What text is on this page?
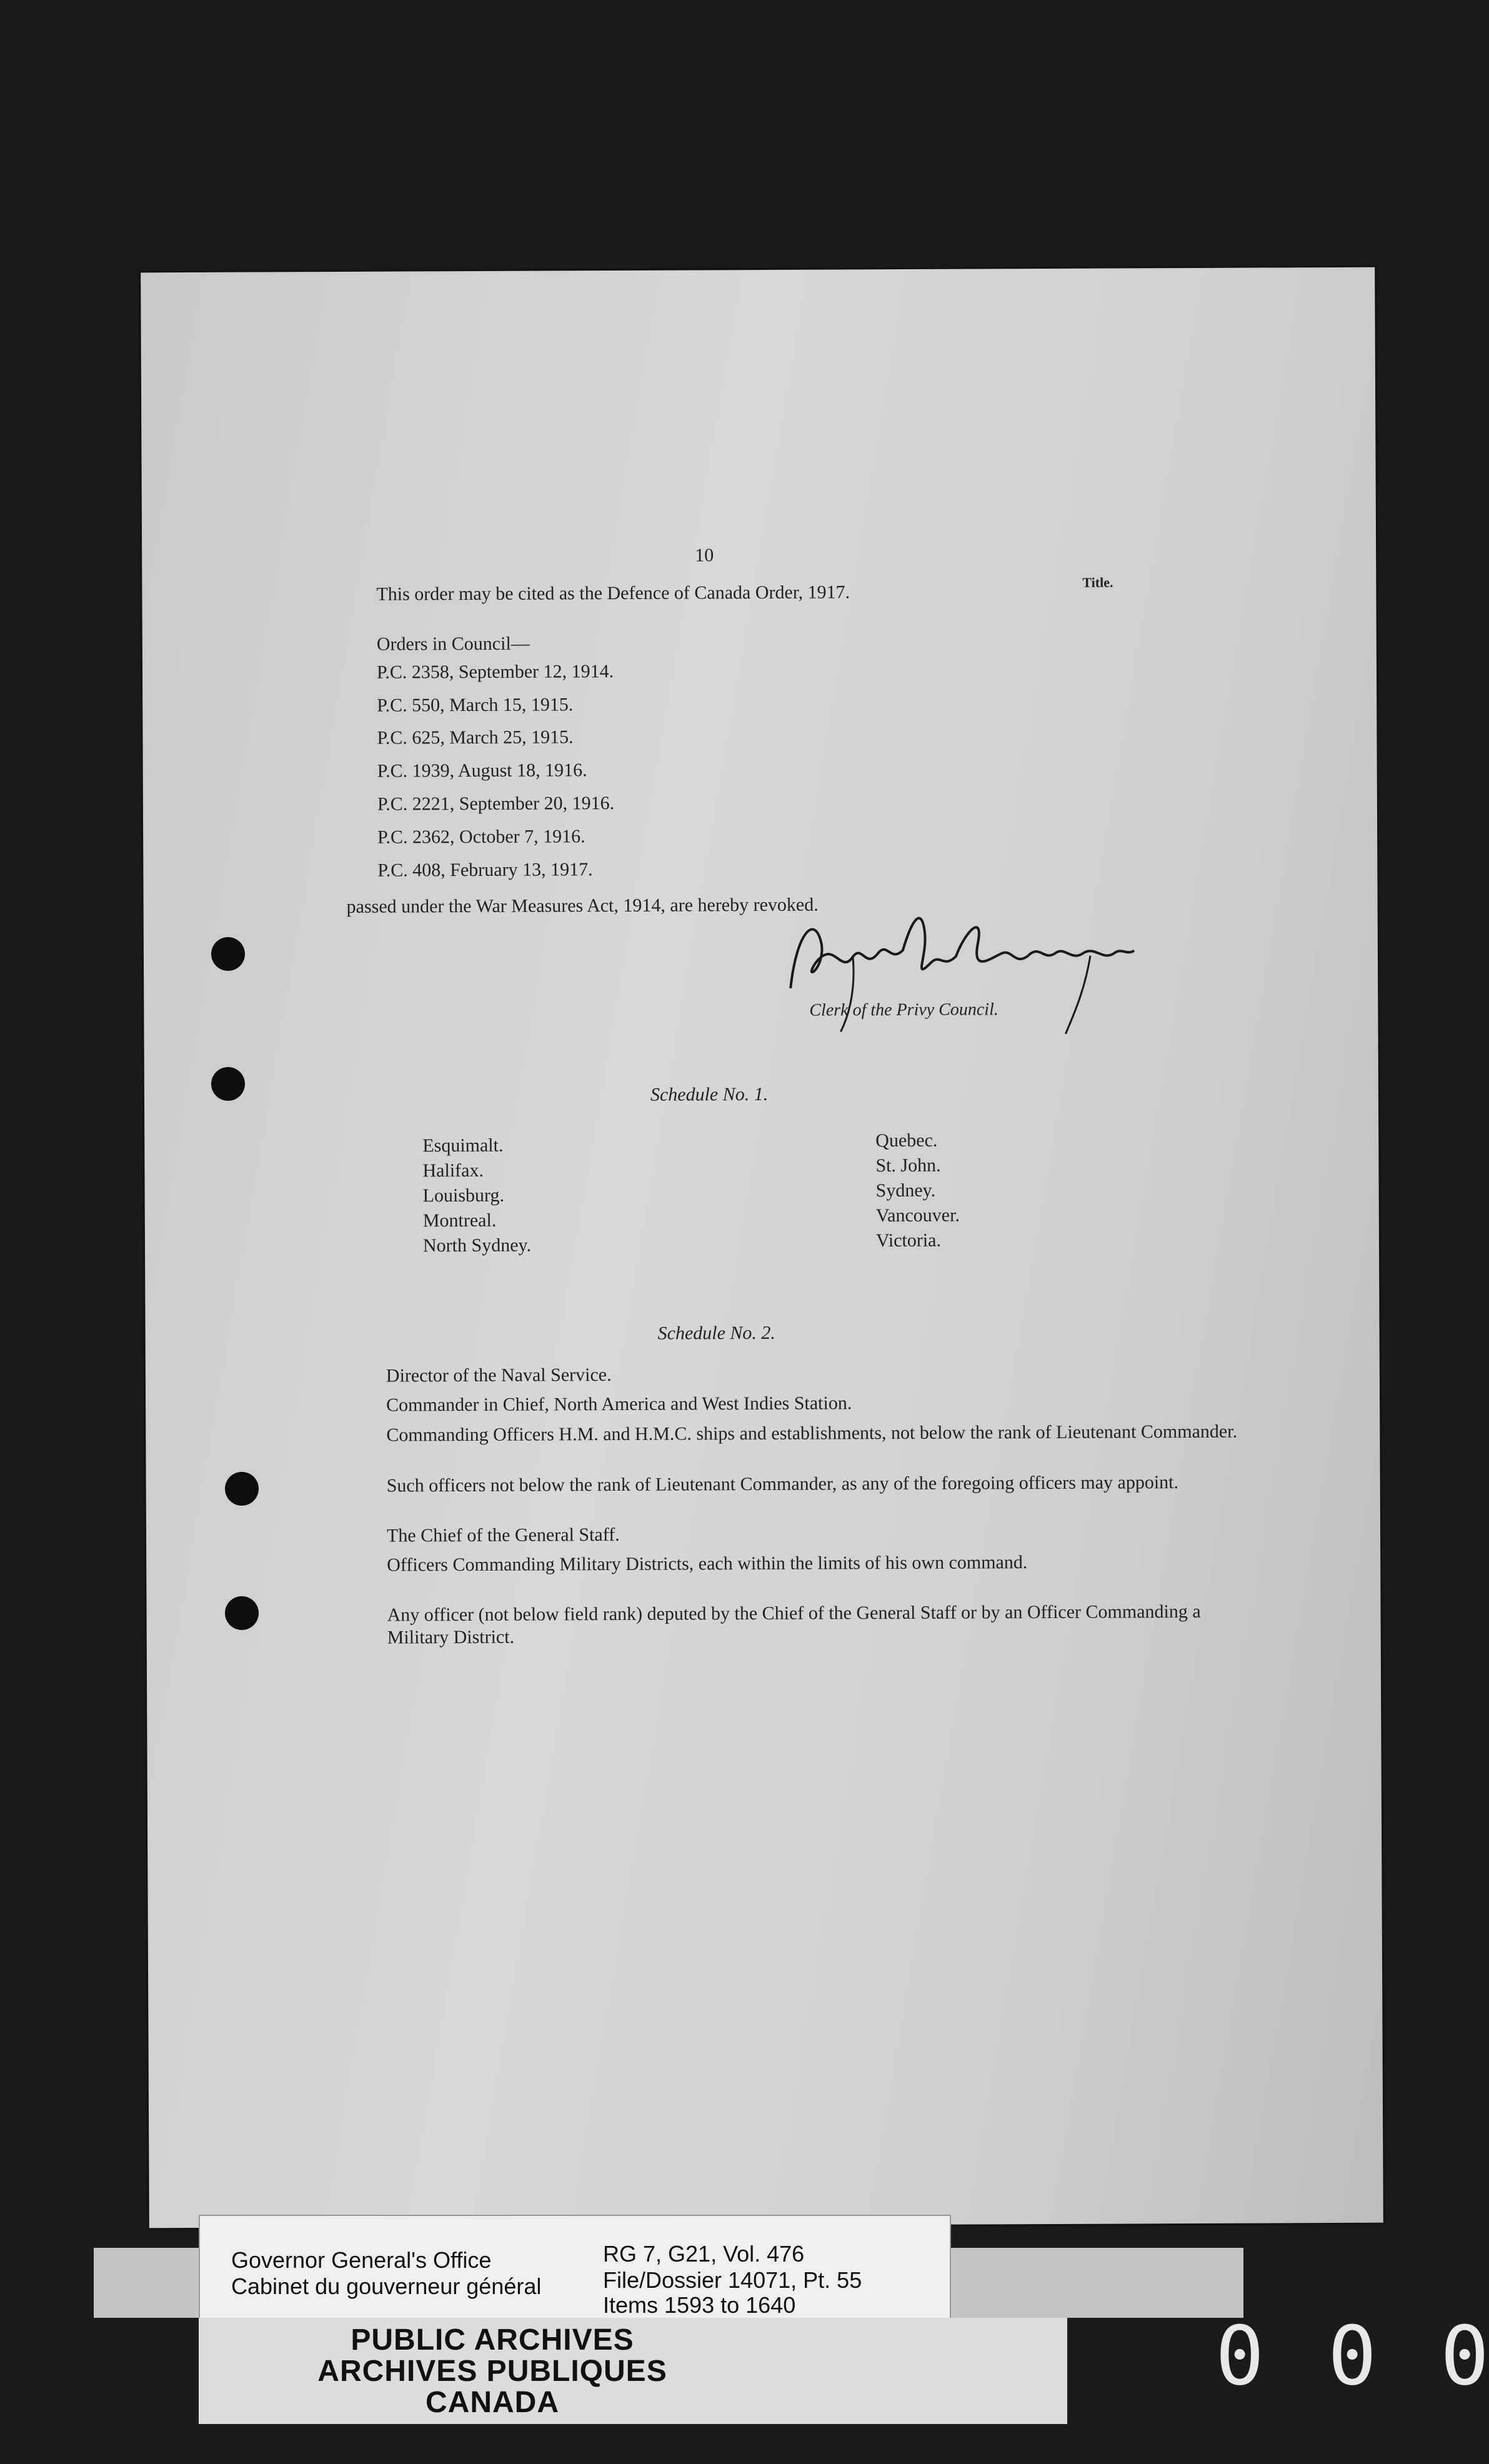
10
Title.
This order may be cited as the Defence of Canada Order, 1917.
Orders in Council—
P.C. 2358, September 12, 1914.
P.C. 550, March 15, 1915.
P.C. 625, March 25, 1915.
P.C. 1939, August 18, 1916.
P.C. 2221, September 20, 1916.
P.C. 2362, October 7, 1916.
P.C. 408, February 13, 1917.
passed under the War Measures Act, 1914, are hereby revoked.
Clerk of the Privy Council.
Schedule No. 1.
Esquimalt.
Halifax.
Louisburg.
Montreal.
North Sydney.
Quebec.
St. John.
Sydney.
Vancouver.
Victoria.
Schedule No. 2.
Director of the Naval Service.
Commander in Chief, North America and West Indies Station.
Commanding Officers H.M. and H.M.C. ships and establishments, not below the rank of Lieutenant Commander.
Such officers not below the rank of Lieutenant Commander, as any of the foregoing officers may appoint.
The Chief of the General Staff.
Officers Commanding Military Districts, each within the limits of his own command.
Any officer (not below field rank) deputed by the Chief of the General Staff or by an Officer Commanding a Military District.
Governor General's Office
Cabinet du gouverneur général
RG 7, G21, Vol. 476
File/Dossier 14071, Pt. 55
Items 1593 to 1640
PUBLIC ARCHIVES
ARCHIVES PUBLIQUES
CANADA	0 0 0
